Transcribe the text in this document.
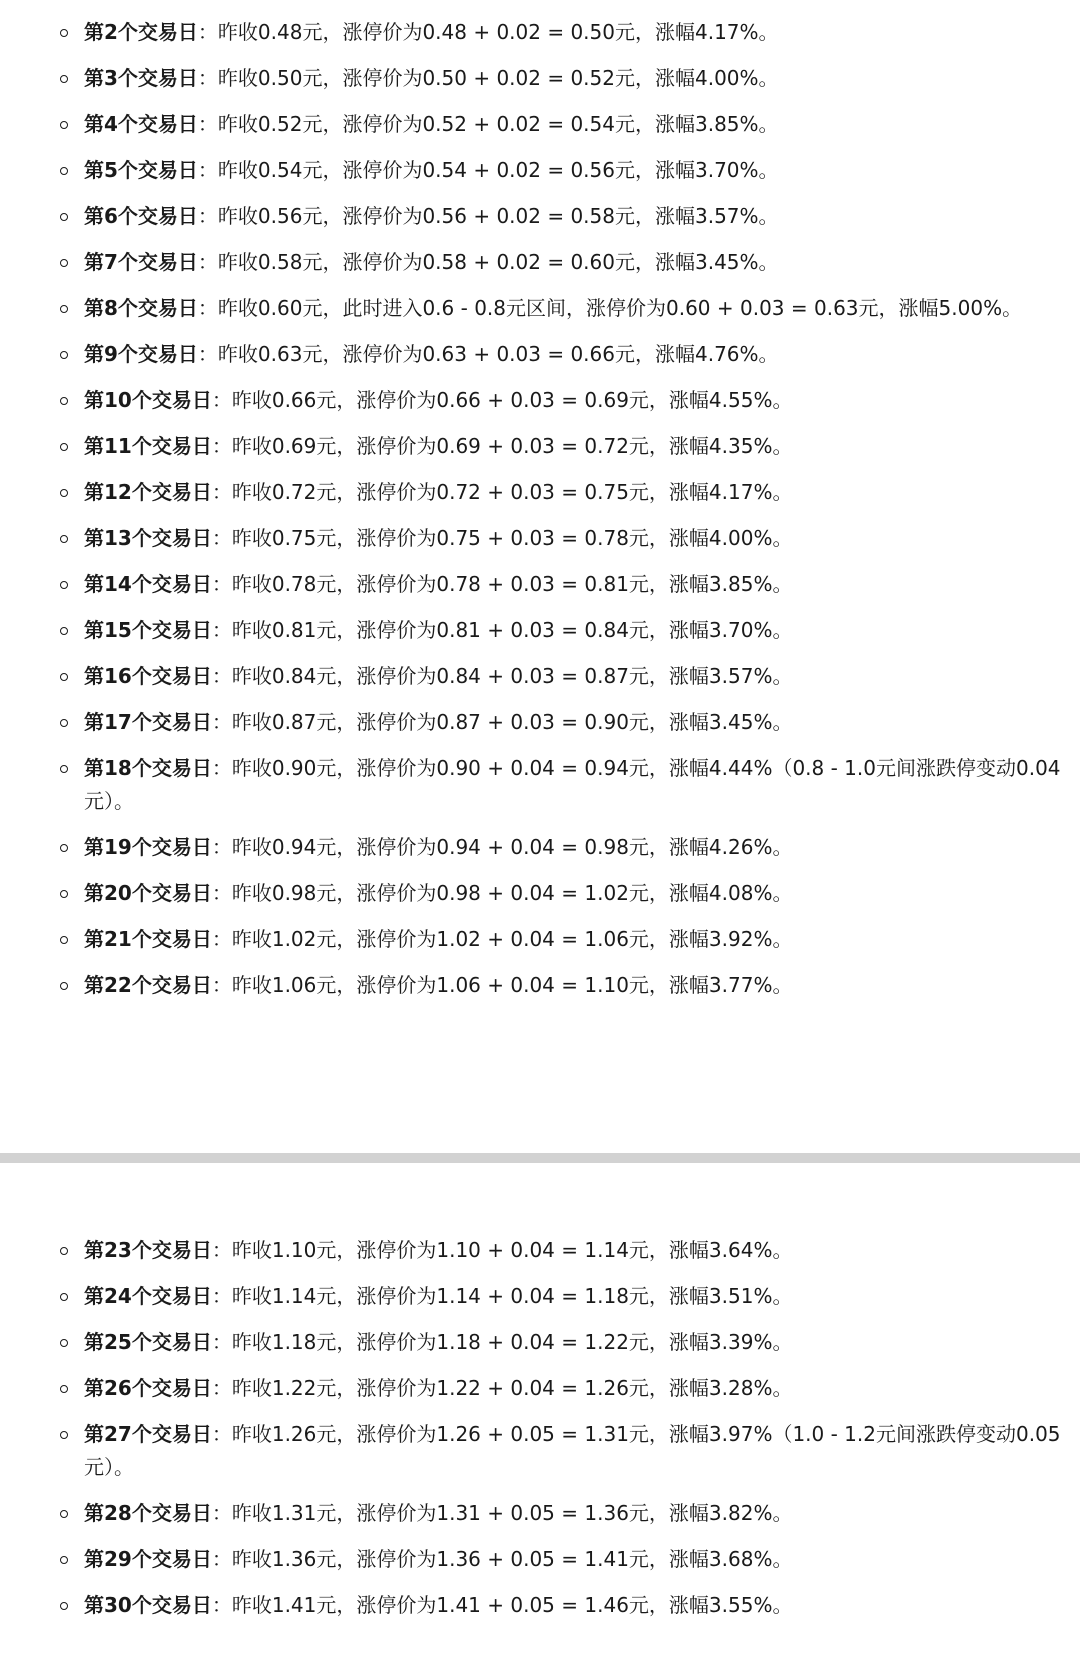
第2个交易日：昨收0.48元，涨停价为0.48 + 0.02 = 0.50元，涨幅4.17%。
第3个交易日：昨收0.50元，涨停价为0.50 + 0.02 = 0.52元，涨幅4.00%。
第4个交易日：昨收0.52元，涨停价为0.52 + 0.02 = 0.54元，涨幅3.85%。
第5个交易日：昨收0.54元，涨停价为0.54 + 0.02 = 0.56元，涨幅3.70%。
第6个交易日：昨收0.56元，涨停价为0.56 + 0.02 = 0.58元，涨幅3.57%。
第7个交易日：昨收0.58元，涨停价为0.58 + 0.02 = 0.60元，涨幅3.45%。
第8个交易日：昨收0.60元，此时进入0.6 - 0.8元区间，涨停价为0.60 + 0.03 = 0.63元，涨幅5.00%。
第9个交易日：昨收0.63元，涨停价为0.63 + 0.03 = 0.66元，涨幅4.76%。
第10个交易日：昨收0.66元，涨停价为0.66 + 0.03 = 0.69元，涨幅4.55%。
第11个交易日：昨收0.69元，涨停价为0.69 + 0.03 = 0.72元，涨幅4.35%。
第12个交易日：昨收0.72元，涨停价为0.72 + 0.03 = 0.75元，涨幅4.17%。
第13个交易日：昨收0.75元，涨停价为0.75 + 0.03 = 0.78元，涨幅4.00%。
第14个交易日：昨收0.78元，涨停价为0.78 + 0.03 = 0.81元，涨幅3.85%。
第15个交易日：昨收0.81元，涨停价为0.81 + 0.03 = 0.84元，涨幅3.70%。
第16个交易日：昨收0.84元，涨停价为0.84 + 0.03 = 0.87元，涨幅3.57%。
第17个交易日：昨收0.87元，涨停价为0.87 + 0.03 = 0.90元，涨幅3.45%。
第18个交易日：昨收0.90元，涨停价为0.90 + 0.04 = 0.94元，涨幅4.44%（0.8 - 1.0元间涨跌停变动0.04元）。
第19个交易日：昨收0.94元，涨停价为0.94 + 0.04 = 0.98元，涨幅4.26%。
第20个交易日：昨收0.98元，涨停价为0.98 + 0.04 = 1.02元，涨幅4.08%。
第21个交易日：昨收1.02元，涨停价为1.02 + 0.04 = 1.06元，涨幅3.92%。
第22个交易日：昨收1.06元，涨停价为1.06 + 0.04 = 1.10元，涨幅3.77%。
第23个交易日：昨收1.10元，涨停价为1.10 + 0.04 = 1.14元，涨幅3.64%。
第24个交易日：昨收1.14元，涨停价为1.14 + 0.04 = 1.18元，涨幅3.51%。
第25个交易日：昨收1.18元，涨停价为1.18 + 0.04 = 1.22元，涨幅3.39%。
第26个交易日：昨收1.22元，涨停价为1.22 + 0.04 = 1.26元，涨幅3.28%。
第27个交易日：昨收1.26元，涨停价为1.26 + 0.05 = 1.31元，涨幅3.97%（1.0 - 1.2元间涨跌停变动0.05元）。
第28个交易日：昨收1.31元，涨停价为1.31 + 0.05 = 1.36元，涨幅3.82%。
第29个交易日：昨收1.36元，涨停价为1.36 + 0.05 = 1.41元，涨幅3.68%。
第30个交易日：昨收1.41元，涨停价为1.41 + 0.05 = 1.46元，涨幅3.55%。
